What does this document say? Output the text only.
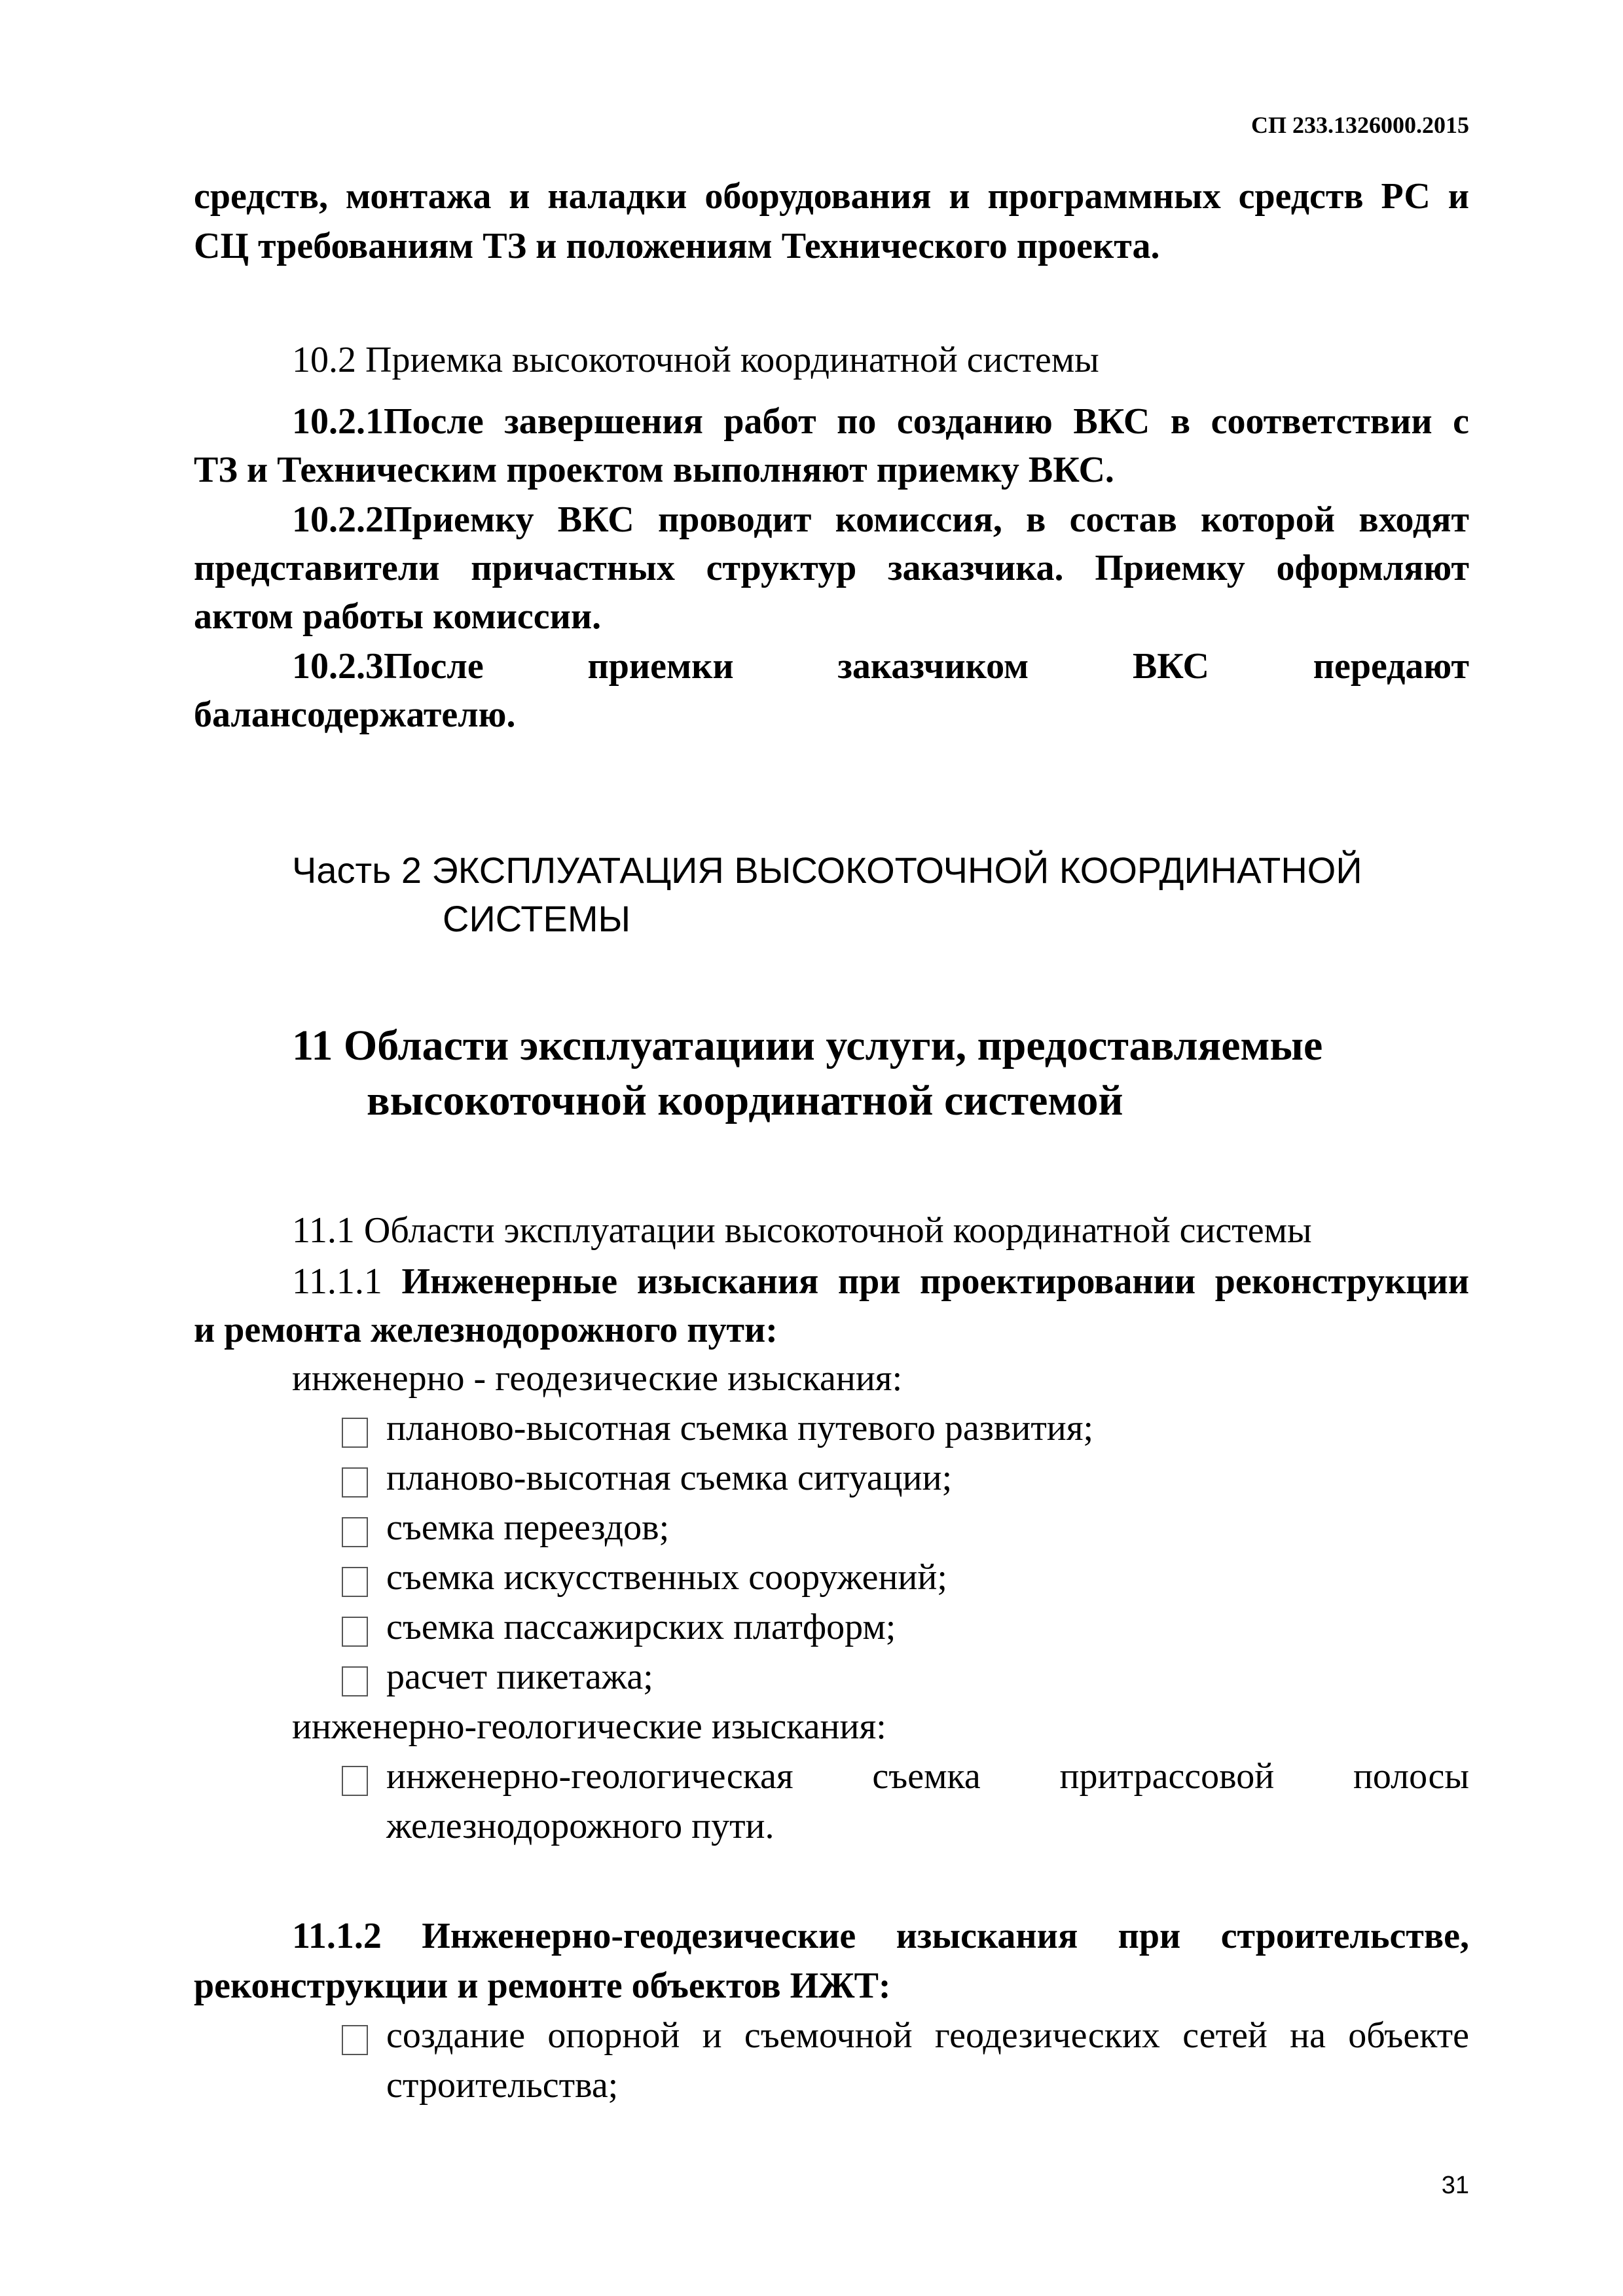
СП 233.1326000.2015
средств, монтажа и наладки оборудования и программных средств РС и
СЦ требованиям ТЗ и положениям Технического проекта.
10.2 Приемка высокоточной координатной системы
10.2.1После завершения работ по созданию ВКС в соответствии с
ТЗ и Техническим проектом выполняют приемку ВКС.
10.2.2Приемку ВКС проводит комиссия, в состав которой входят
представители причастных структур заказчика. Приемку оформляют
актом работы комиссии.
10.2.3После приемки заказчиком ВКС передают
балансодержателю.
Часть 2 ЭКСПЛУАТАЦИЯ ВЫСОКОТОЧНОЙ КООРДИНАТНОЙ
СИСТЕМЫ
11 Области эксплуатациии услуги, предоставляемые
высокоточной координатной системой
11.1 Области эксплуатации высокоточной координатной системы
11.1.1 Инженерные изыскания при проектировании реконструкции
и ремонта железнодорожного пути:
инженерно - геодезические изыскания:
планово-высотная съемка путевого развития;
планово-высотная съемка ситуации;
съемка переездов;
съемка искусственных сооружений;
съемка пассажирских платформ;
расчет пикетажа;
инженерно-геологические изыскания:
инженерно-геологическая съемка притрассовой полосы
железнодорожного пути.
11.1.2 Инженерно-геодезические изыскания при строительстве,
реконструкции и ремонте объектов ИЖТ:
создание опорной и съемочной геодезических сетей на объекте
строительства;
31
